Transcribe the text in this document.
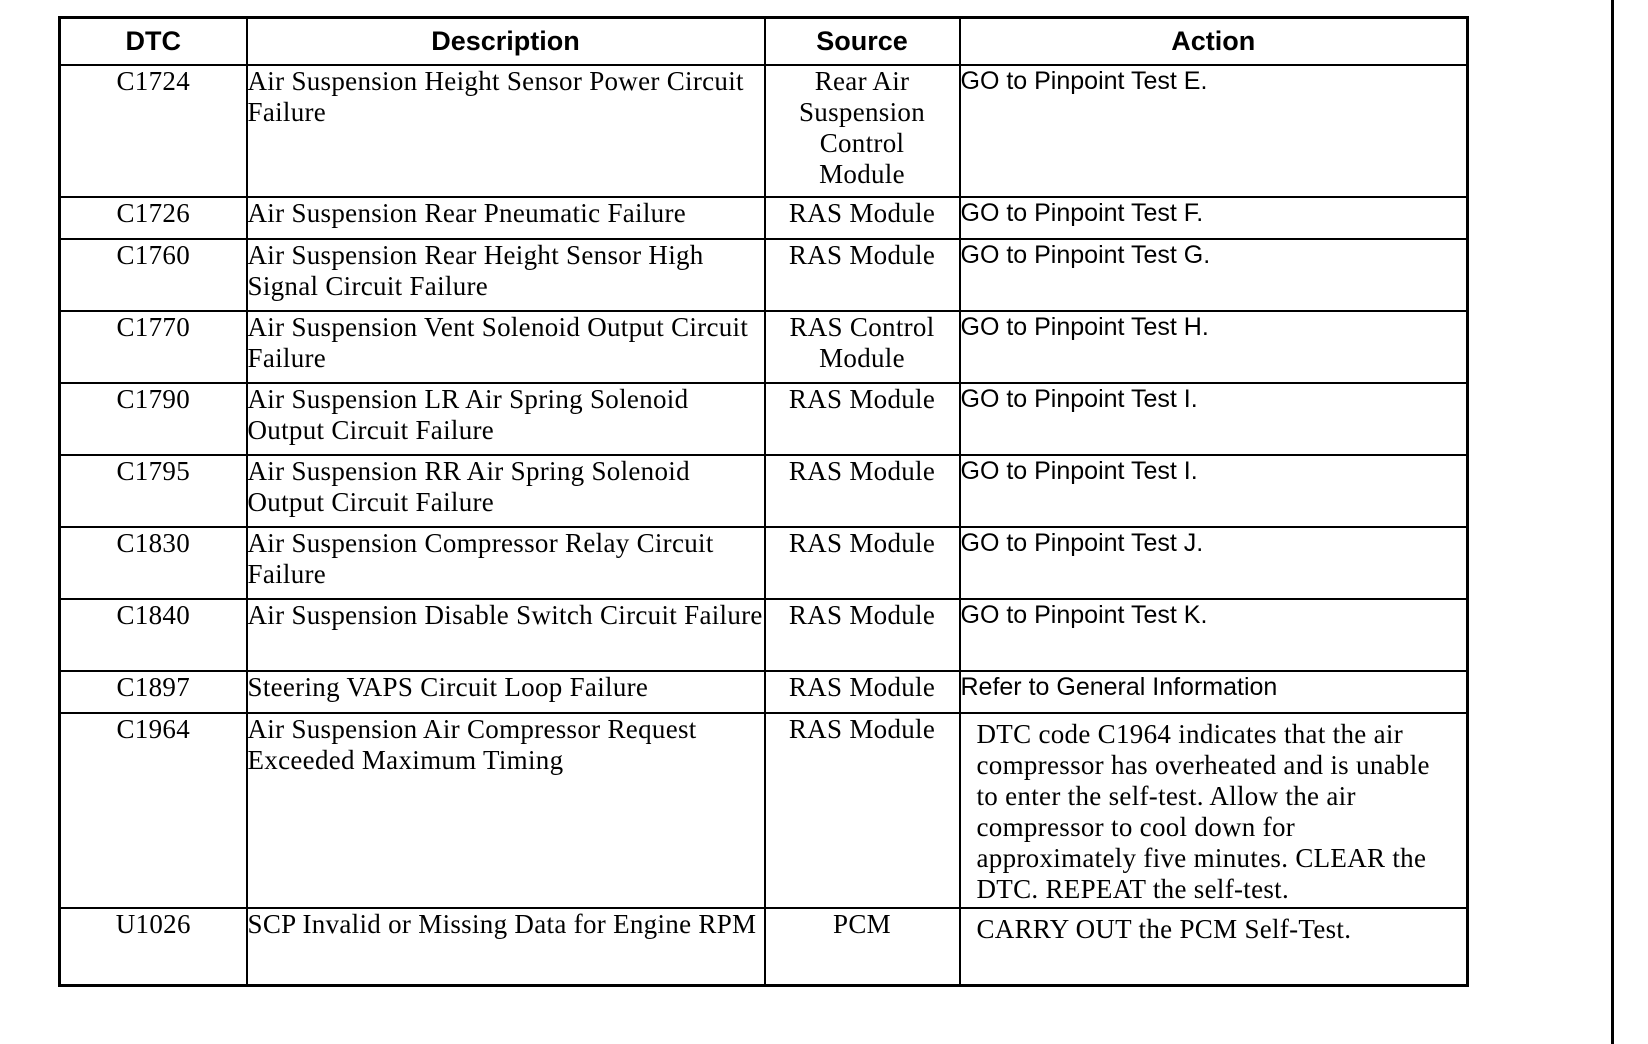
DTC	Description	Source	Action
C1724	Air Suspension Height Sensor Power Circuit Failure	Rear Air Suspension Control Module	GO to Pinpoint Test E.
C1726	Air Suspension Rear Pneumatic Failure	RAS Module	GO to Pinpoint Test F.
C1760	Air Suspension Rear Height Sensor High Signal Circuit Failure	RAS Module	GO to Pinpoint Test G.
C1770	Air Suspension Vent Solenoid Output Circuit Failure	RAS Control Module	GO to Pinpoint Test H.
C1790	Air Suspension LR Air Spring Solenoid Output Circuit Failure	RAS Module	GO to Pinpoint Test I.
C1795	Air Suspension RR Air Spring Solenoid Output Circuit Failure	RAS Module	GO to Pinpoint Test I.
C1830	Air Suspension Compressor Relay Circuit Failure	RAS Module	GO to Pinpoint Test J.
C1840	Air Suspension Disable Switch Circuit Failure	RAS Module	GO to Pinpoint Test K.
C1897	Steering VAPS Circuit Loop Failure	RAS Module	Refer to General Information
C1964	Air Suspension Air Compressor Request Exceeded Maximum Timing	RAS Module	DTC code C1964 indicates that the air compressor has overheated and is unable to enter the self-test. Allow the air compressor to cool down for approximately five minutes. CLEAR the DTC. REPEAT the self-test.
U1026	SCP Invalid or Missing Data for Engine RPM	PCM	CARRY OUT the PCM Self-Test.
